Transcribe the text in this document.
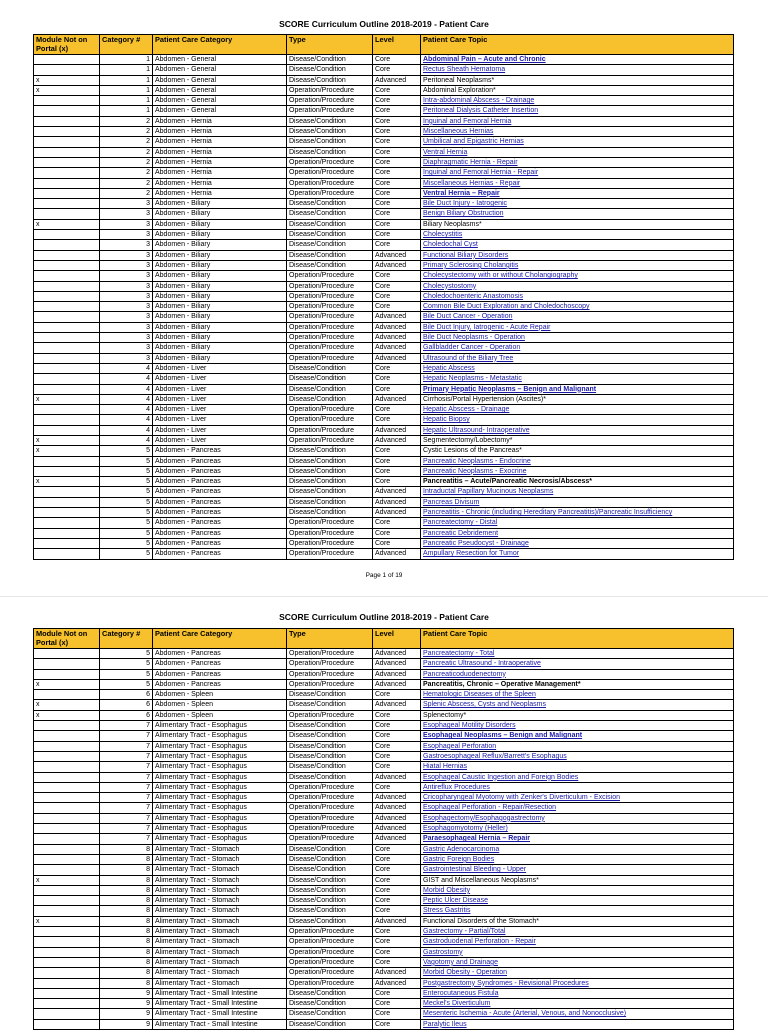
SCORE Curriculum Outline 2018-2019 - Patient Care
Module Not on Portal (x)	Category #	Patient Care Category	Type	Level	Patient Care Topic
	1	Abdomen - General	Disease/Condition	Core	Abdominal Pain – Acute and Chronic
	1	Abdomen - General	Disease/Condition	Core	Rectus Sheath Hematoma
x	1	Abdomen - General	Disease/Condition	Advanced	Peritoneal Neoplasms*
x	1	Abdomen - General	Operation/Procedure	Core	Abdominal Exploration*
	1	Abdomen - General	Operation/Procedure	Core	Intra-abdominal Abscess - Drainage
	1	Abdomen - General	Operation/Procedure	Core	Peritoneal Dialysis Catheter Insertion
	2	Abdomen - Hernia	Disease/Condition	Core	Inguinal and Femoral Hernia
	2	Abdomen - Hernia	Disease/Condition	Core	Miscellaneous Hernias
	2	Abdomen - Hernia	Disease/Condition	Core	Umbilical and Epigastric Hernias
	2	Abdomen - Hernia	Disease/Condition	Core	Ventral Hernia
	2	Abdomen - Hernia	Operation/Procedure	Core	Diaphragmatic Hernia - Repair
	2	Abdomen - Hernia	Operation/Procedure	Core	Inguinal and Femoral Hernia - Repair
	2	Abdomen - Hernia	Operation/Procedure	Core	Miscellaneous Hernias - Repair
	2	Abdomen - Hernia	Operation/Procedure	Core	Ventral Hernia – Repair
	3	Abdomen - Biliary	Disease/Condition	Core	Bile Duct Injury - Iatrogenic
	3	Abdomen - Biliary	Disease/Condition	Core	Benign Biliary Obstruction
x	3	Abdomen - Biliary	Disease/Condition	Core	Biliary Neoplasms*
	3	Abdomen - Biliary	Disease/Condition	Core	Cholecystitis
	3	Abdomen - Biliary	Disease/Condition	Core	Choledochal Cyst
	3	Abdomen - Biliary	Disease/Condition	Advanced	Functional Biliary Disorders
	3	Abdomen - Biliary	Disease/Condition	Advanced	Primary Sclerosing Cholangitis
	3	Abdomen - Biliary	Operation/Procedure	Core	Cholecystectomy with or without Cholangiography
	3	Abdomen - Biliary	Operation/Procedure	Core	Cholecystostomy
	3	Abdomen - Biliary	Operation/Procedure	Core	Choledochoenteric Anastomosis
	3	Abdomen - Biliary	Operation/Procedure	Core	Common Bile Duct Exploration and Choledochoscopy
	3	Abdomen - Biliary	Operation/Procedure	Advanced	Bile Duct Cancer - Operation
	3	Abdomen - Biliary	Operation/Procedure	Advanced	Bile Duct Injury, Iatrogenic - Acute Repair
	3	Abdomen - Biliary	Operation/Procedure	Advanced	Bile Duct Neoplasms - Operation
	3	Abdomen - Biliary	Operation/Procedure	Advanced	Gallbladder Cancer - Operation
	3	Abdomen - Biliary	Operation/Procedure	Advanced	Ultrasound of the Biliary Tree
	4	Abdomen - Liver	Disease/Condition	Core	Hepatic Abscess
	4	Abdomen - Liver	Disease/Condition	Core	Hepatic Neoplasms - Metastatic
	4	Abdomen - Liver	Disease/Condition	Core	Primary Hepatic Neoplasms – Benign and Malignant
x	4	Abdomen - Liver	Disease/Condition	Advanced	Cirrhosis/Portal Hypertension (Ascites)*
	4	Abdomen - Liver	Operation/Procedure	Core	Hepatic Abscess - Drainage
	4	Abdomen - Liver	Operation/Procedure	Core	Hepatic Biopsy
	4	Abdomen - Liver	Operation/Procedure	Advanced	Hepatic Ultrasound- Intraoperative
x	4	Abdomen - Liver	Operation/Procedure	Advanced	Segmentectomy/Lobectomy*
x	5	Abdomen - Pancreas	Disease/Condition	Core	Cystic Lesions of the Pancreas*
	5	Abdomen - Pancreas	Disease/Condition	Core	Pancreatic Neoplasms - Endocrine
	5	Abdomen - Pancreas	Disease/Condition	Core	Pancreatic Neoplasms - Exocrine
x	5	Abdomen - Pancreas	Disease/Condition	Core	Pancreatitis – Acute/Pancreatic Necrosis/Abscess*
	5	Abdomen - Pancreas	Disease/Condition	Advanced	Intraductal Papillary Mucinous Neoplasms
	5	Abdomen - Pancreas	Disease/Condition	Advanced	Pancreas Divisum
	5	Abdomen - Pancreas	Disease/Condition	Advanced	Pancreatitis - Chronic (including Hereditary Pancreatitis)/Pancreatic Insufficiency
	5	Abdomen - Pancreas	Operation/Procedure	Core	Pancreatectomy - Distal
	5	Abdomen - Pancreas	Operation/Procedure	Core	Pancreatic Debridement
	5	Abdomen - Pancreas	Operation/Procedure	Core	Pancreatic Pseudocyst - Drainage
	5	Abdomen - Pancreas	Operation/Procedure	Advanced	Ampullary Resection for Tumor
Page 1 of 19
SCORE Curriculum Outline 2018-2019 - Patient Care
Module Not on Portal (x)	Category #	Patient Care Category	Type	Level	Patient Care Topic
	5	Abdomen - Pancreas	Operation/Procedure	Advanced	Pancreatectomy - Total
	5	Abdomen - Pancreas	Operation/Procedure	Advanced	Pancreatic Ultrasound - Intraoperative
	5	Abdomen - Pancreas	Operation/Procedure	Advanced	Pancreaticoduodenectomy
x	5	Abdomen - Pancreas	Operation/Procedure	Advanced	Pancreatitis, Chronic – Operative Management*
	6	Abdomen - Spleen	Disease/Condition	Core	Hematologic Diseases of the Spleen
x	6	Abdomen - Spleen	Disease/Condition	Advanced	Splenic Abscess, Cysts and Neoplasms
x	6	Abdomen - Spleen	Operation/Procedure	Core	Splenectomy*
	7	Alimentary Tract - Esophagus	Disease/Condition	Core	Esophageal Motility Disorders
	7	Alimentary Tract - Esophagus	Disease/Condition	Core	Esophageal Neoplasms – Benign and Malignant
	7	Alimentary Tract - Esophagus	Disease/Condition	Core	Esophageal Perforation
	7	Alimentary Tract - Esophagus	Disease/Condition	Core	Gastroesophageal Reflux/Barrett's Esophagus
	7	Alimentary Tract - Esophagus	Disease/Condition	Core	Hiatal Hernias
	7	Alimentary Tract - Esophagus	Disease/Condition	Advanced	Esophageal Caustic Ingestion and Foreign Bodies
	7	Alimentary Tract - Esophagus	Operation/Procedure	Core	Antireflux Procedures
	7	Alimentary Tract - Esophagus	Operation/Procedure	Advanced	Cricopharyngeal Myotomy with Zenker's Diverticulum - Excision
	7	Alimentary Tract - Esophagus	Operation/Procedure	Advanced	Esophageal Perforation - Repair/Resection
	7	Alimentary Tract - Esophagus	Operation/Procedure	Advanced	Esophagectomy/Esophagogastrectomy
	7	Alimentary Tract - Esophagus	Operation/Procedure	Advanced	Esophagomyotomy (Heller)
	7	Alimentary Tract - Esophagus	Operation/Procedure	Advanced	Paraesophageal Hernia – Repair
	8	Alimentary Tract - Stomach	Disease/Condition	Core	Gastric Adenocarcinoma
	8	Alimentary Tract - Stomach	Disease/Condition	Core	Gastric Foreign Bodies
	8	Alimentary Tract - Stomach	Disease/Condition	Core	Gastrointestinal Bleeding - Upper
x	8	Alimentary Tract - Stomach	Disease/Condition	Core	GIST and Miscellaneous Neoplasms*
	8	Alimentary Tract - Stomach	Disease/Condition	Core	Morbid Obesity
	8	Alimentary Tract - Stomach	Disease/Condition	Core	Peptic Ulcer Disease
	8	Alimentary Tract - Stomach	Disease/Condition	Core	Stress Gastritis
x	8	Alimentary Tract - Stomach	Disease/Condition	Advanced	Functional Disorders of the Stomach*
	8	Alimentary Tract - Stomach	Operation/Procedure	Core	Gastrectomy - Partial/Total
	8	Alimentary Tract - Stomach	Operation/Procedure	Core	Gastroduodenal Perforation - Repair
	8	Alimentary Tract - Stomach	Operation/Procedure	Core	Gastrostomy
	8	Alimentary Tract - Stomach	Operation/Procedure	Core	Vagotomy and Drainage
	8	Alimentary Tract - Stomach	Operation/Procedure	Advanced	Morbid Obesity - Operation
	8	Alimentary Tract - Stomach	Operation/Procedure	Advanced	Postgastrectomy Syndromes - Revisional Procedures
	9	Alimentary Tract - Small Intestine	Disease/Condition	Core	Enterocutaneous Fistula
	9	Alimentary Tract - Small Intestine	Disease/Condition	Core	Meckel's Diverticulum
	9	Alimentary Tract - Small Intestine	Disease/Condition	Core	Mesenteric Ischemia - Acute (Arterial, Venous, and Nonocclusive)
	9	Alimentary Tract - Small Intestine	Disease/Condition	Core	Paralytic Ileus
